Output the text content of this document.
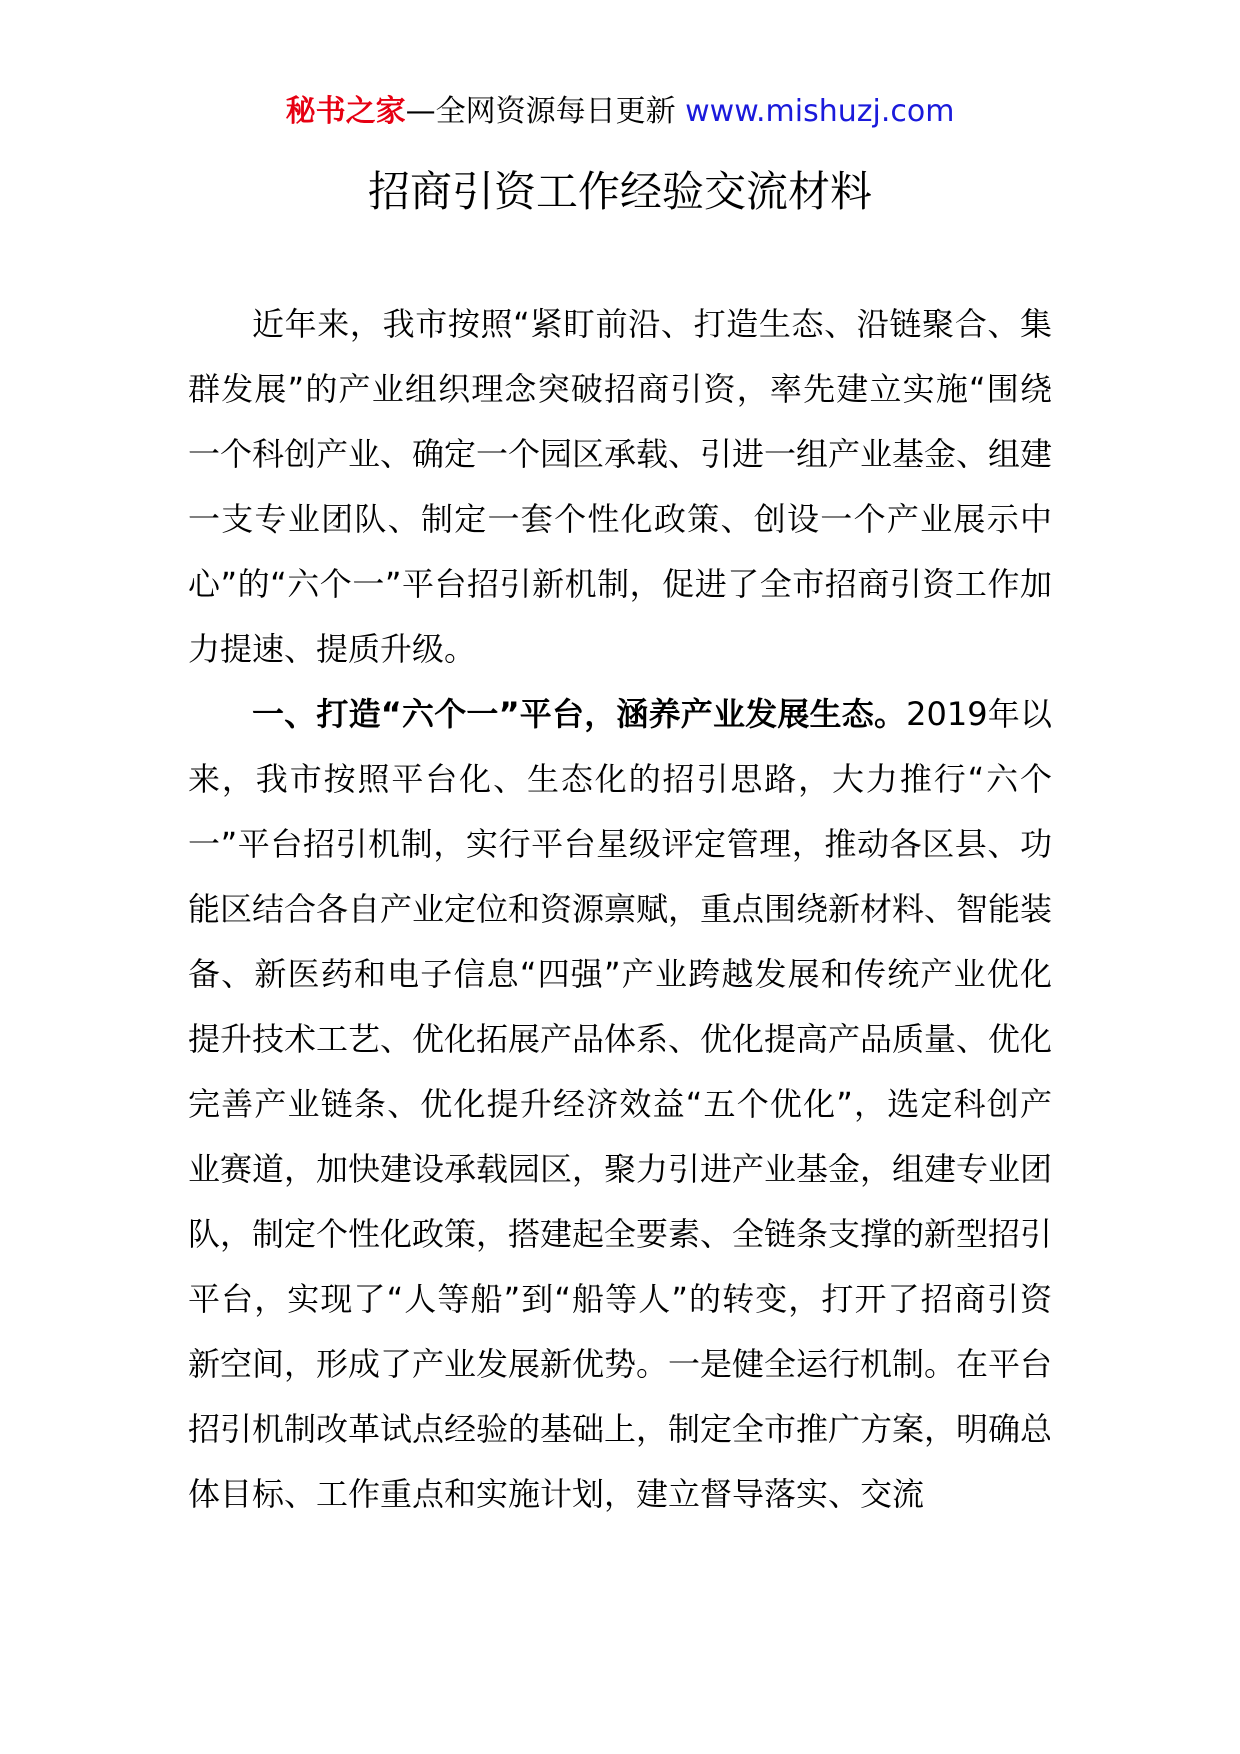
秘书之家—全网资源每日更新 www.mishuzj.com
招商引资工作经验交流材料

近年来，我市按照“紧盯前沿、打造生态、沿链聚合、集群发展”的产业组织理念突破招商引资，率先建立实施“围绕一个科创产业、确定一个园区承载、引进一组产业基金、组建一支专业团队、制定一套个性化政策、创设一个产业展示中心”的“六个一”平台招引新机制，促进了全市招商引资工作加力提速、提质升级。

一、打造“六个一”平台，涵养产业发展生态。2019年以来，我市按照平台化、生态化的招引思路，大力推行“六个一”平台招引机制，实行平台星级评定管理，推动各区县、功能区结合各自产业定位和资源禀赋，重点围绕新材料、智能装备、新医药和电子信息“四强”产业跨越发展和传统产业优化提升技术工艺、优化拓展产品体系、优化提高产品质量、优化完善产业链条、优化提升经济效益“五个优化”，选定科创产业赛道，加快建设承载园区，聚力引进产业基金，组建专业团队，制定个性化政策，搭建起全要素、全链条支撑的新型招引平台，实现了“人等船”到“船等人”的转变，打开了招商引资新空间，形成了产业发展新优势。一是健全运行机制。在平台招引机制改革试点经验的基础上，制定全市推广方案，明确总体目标、工作重点和实施计划，建立督导落实、交流
